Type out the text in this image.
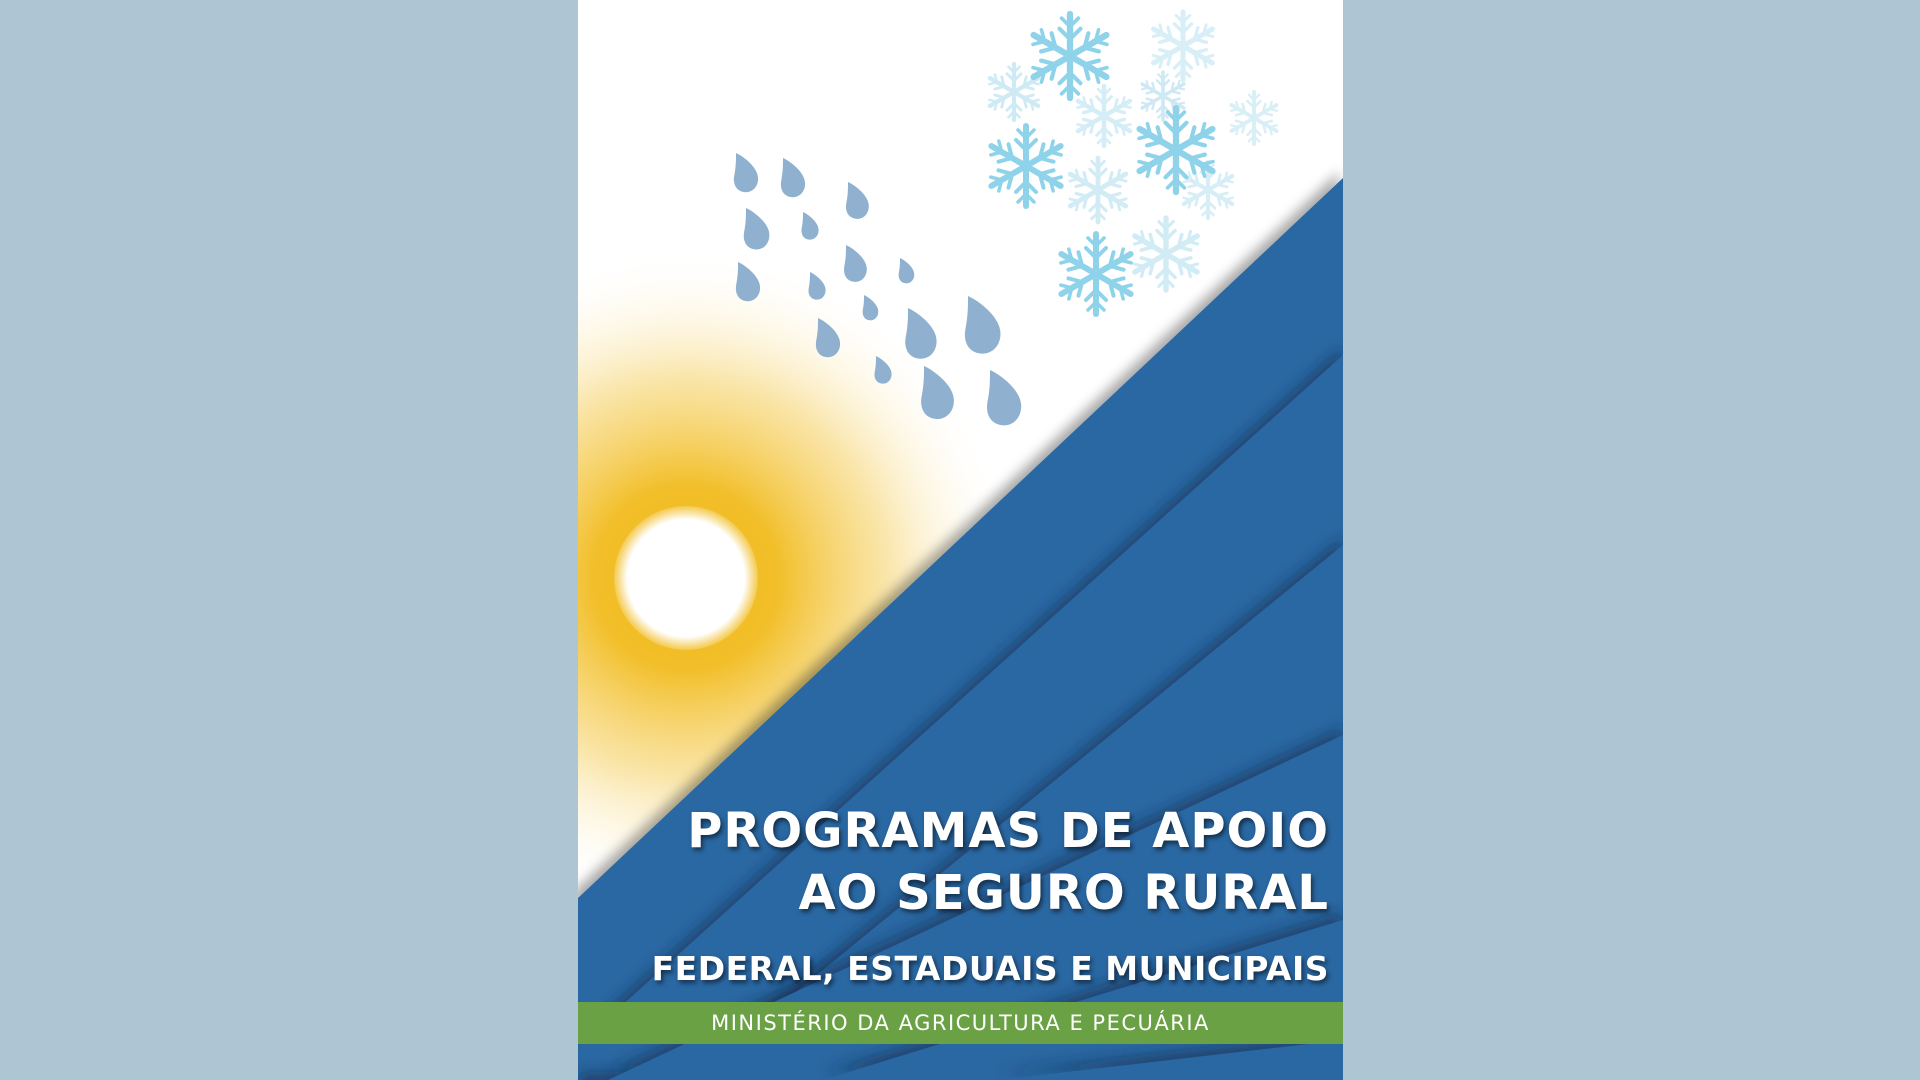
PROGRAMAS DE APOIO
AO SEGURO RURAL
FEDERAL, ESTADUAIS E MUNICIPAIS
MINISTÉRIO DA AGRICULTURA E PECUÁRIA
